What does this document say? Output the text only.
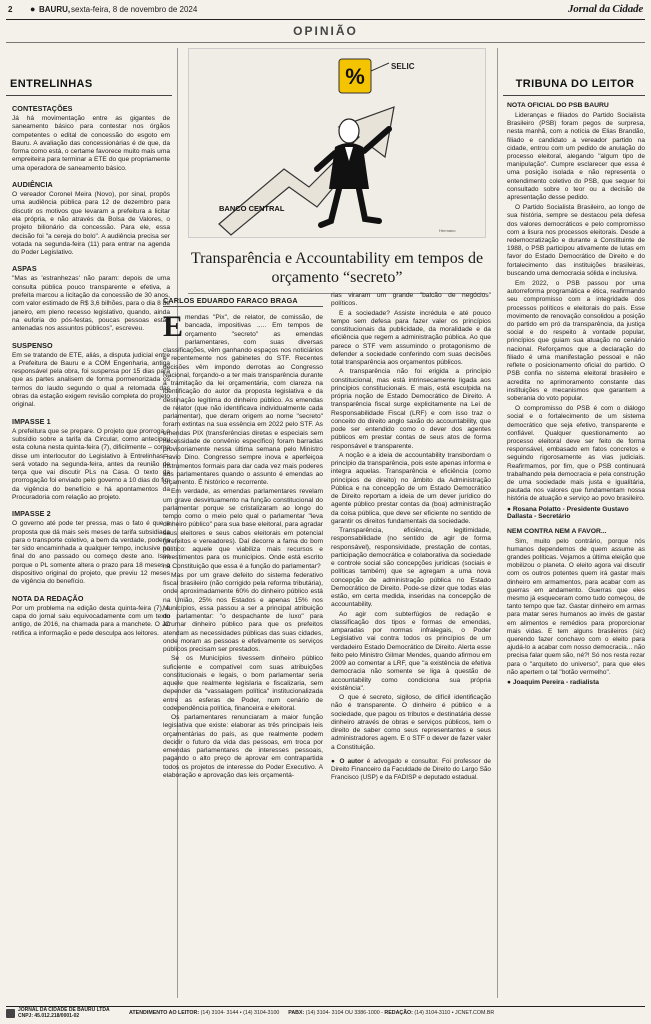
2 ● BAURU, sexta-feira, 8 de novembro de 2024	Jornal da Cidade
OPINIÃO
ENTRELINHAS
CONTESTAÇÕES

Já há movimentação entre as gigantes de saneamento básico para contestar nos órgãos competentes o edital de concessão do esgoto em Bauru. A avaliação das concessionárias é de que, da forma como está, o certame favorece muito mais uma empreiteira para terminar a ETE do que propriamente uma operadora de saneamento básico.

AUDIÊNCIA

O vereador Coronel Meira (Novo), por sinal, propôs uma audiência pública para 12 de dezembro para discutir os motivos que levaram a prefeitura a licitar ela própria, e não através da Bolsa de Valores, o projeto bilionário da concessão. Para ele, essa decisão foi "a cereja do bolo". A audiência precisa ser votada na segunda-feira (11) para entrar na agenda do Poder Legislativo.

ASPAS

"Mas as 'estranhezas' não param: depois de uma consulta pública pouco transparente e efetiva, a prefeita marcou a licitação da concessão de 30 anos, com valor estimado de R$ 3,6 bilhões, para o dia 8 de janeiro, em pleno recesso legislativo, quando, ainda na euforia do pós-festas, poucas pessoas estão antenadas nos assuntos públicos", escreveu.

SUSPENSO

Em se tratando de ETE, aliás, a disputa judicial entre a Prefeitura de Bauru e a COM Engenharia, antiga responsável pela obra, foi suspensa por 15 dias para que as partes analisem de forma pormenorizada os termos do laudo segundo o qual a retomada das obras da estação exigem revisão completa do projeto original.

IMPASSE 1

A prefeitura que se prepare. O projeto que prorroga o subsídio sobre a tarifa da Circular, como antecipou esta coluna nesta quinta-feira (7), dificilmente – como disse um interlocutor do Legislativo à Entrelinhas – será votado na segunda-feira, antes da reunião de terça que vai discutir PLs na Casa. O texto da prorrogação foi enviado pelo governo a 10 dias do fim da vigência do benefício e há apontamentos da Procuradoria com relação ao projeto.

IMPASSE 2

O governo até pode ter pressa, mas o fato é que a proposta que dá mais seis meses de tarifa subsidiada para o transporte coletivo, a bem da verdade, poderia ter sido encaminhada a qualquer tempo, inclusive no final do ano passado ou começo deste ano. Isso porque o PL somente altera o prazo para 18 meses o dispositivo original do projeto, que previu 12 meses de vigência do benefício.

NOTA DA REDAÇÃO

Por um problema na edição desta quinta-feira (7), a capa do jornal saiu equivocadamente com um texto antigo, de 2016, na chamada para a manchete. O JC retifica a informação e pede desculpa aos leitores.

%	SELIC
BANCO CENTRAL
Hermano
Transparência e Accountability em tempos de orçamento “secreto”
CARLOS EDUARDO FARACO BRAGA

Emendas "Pix", de relator, de comissão, de bancada, impositivas ..... Em tempos de orçamento "secreto" as emendas parlamentares, com suas diversas classificações, vêm ganhando espaços nos noticiários e recentemente nos gabinetes do STF. Recentes decisões vêm impondo derrotas ao Congresso Nacional, forçando-o a ter mais transparência durante a tramitação da lei orçamentária, com clareza na identificação do autor da proposta legislativa e da destinação legítima do dinheiro público. As emendas de relator (que não identificava individualmente cada parlamentar), que deram origem ao nome "secreto" foram extintas na sua essência em 2022 pelo STF. As emendas PIX (transferências diretas e especiais sem necessidade de convênio específico) foram barradas provisoriamente nessa última semana pelo Ministro Flavio Dino. Congresso sempre inova e aperfeiçoa instrumentos formais para dar cada vez mais poderes aos parlamentares quando o assunto é emendas ao orçamento. É histórico e recorrente.

Em verdade, as emendas parlamentares revelam um grave desvirtuamento na função constitucional do parlamentar porque se cristalizaram ao longo do tempo como o meio pelo qual o parlamentar "leva dinheiro público" para sua base eleitoral, para agradar seus eleitores e seus cabos eleitorais em potencial (prefeitos e vereadores). Daí decorre a fama do bom político: aquele que viabiliza mais recursos e investimentos para os municípios. Onde está escrito na Constituição que essa é a função do parlamentar?

Mas por um grave defeito do sistema federativo fiscal brasileiro (não corrigido pela reforma tributária), onde aproximadamente 60% do dinheiro público está na União, 25% nos Estados e apenas 15% nos Municípios, essa passou a ser a principal atribuição do parlamentar: "o despachante de luxo" para arrumar dinheiro público para que os prefeitos atendam as necessidades públicas das suas cidades, onde moram as pessoas e efetivamente os serviços públicos precisam ser prestados.

Se os Municípios tivessem dinheiro público suficiente e compatível com suas atribuições constitucionais e legais, o bom parlamentar seria aquele que realmente legislaria e fiscalizaria, sem depender da "vassalagem política" institucionalizada entre as esferas de Poder, num cenário de codependência política, financeira e eleitoral.

Os parlamentares renunciaram a maior função legislativa que existe: elaborar as três principais leis orçamentárias do país, as que realmente podem decidir o futuro da vida das pessoas, em troca por emendas parlamentares de interesses pessoais, pagando o alto preço de aprovar em contrapartida todos os projetos de interesse do Poder Executivo. A elaboração e aprovação das leis orçamentá-

rias viraram um grande "balcão de negócios" políticos.

E a sociedade? Assiste incrédula e até pouco tempo sem defesa para fazer valer os princípios constitucionais da publicidade, da moralidade e da eficiência que regem a administração pública. Ao que parece o STF vem assumindo o protagonismo de defender a sociedade conferindo com suas decisões total transparência aos orçamentos públicos.

A transparência não foi erigida a princípio constitucional, mas está intrinsecamente ligada aos princípios constitucionais. E mais, está esculpida na própria noção de Estado Democrático de Direito. A transparência fiscal surge explicitamente na Lei de Responsabilidade Fiscal (LRF) e com isso traz o conceito do direito anglo saxão do accountability, que pode ser entendido como o dever dos agentes públicos em prestar contas de seus atos de forma responsável e transparente.

A noção e a ideia de accountability transbordam o princípio da transparência, pois este apenas informa e integra aquelas. Transparência e eficiência (como princípios de direito) no âmbito da Administração Pública e na concepção de um Estado Democrático de Direito reportam a ideia de um dever jurídico do agente público prestar contas da (boa) administração da coisa pública, que deve ser eficiente no sentido de garantir os direitos fundamentais da sociedade.

Transparência, eficiência, legitimidade, responsabilidade (no sentido de agir de forma responsável), responsividade, prestação de contas, participação democrática e colaborativa da sociedade e controle social são concepções jurídicas (sociais e políticas também) que se agregam a uma nova concepção de administração pública no Estado Democrático de Direito. Pode-se dizer que todas elas estão, em certa medida, inseridas na concepção de accountability.

Ao agir com subterfúgios de redação e classificação dos tipos e formas de emendas, amparadas por normas infralegais, o Poder Legislativo vai contra todos os princípios de um verdadeiro Estado Democrático de Direito. Alerta esse feito pelo Ministro Gilmar Mendes, quando afirmou em 2009 ao comentar a LRF, que "a existência de efetiva democracia não somente se liga à questão de accountability como condiciona sua própria existência".

O que é secreto, sigiloso, de difícil identificação não é transparente. O dinheiro é público e a sociedade, que pagou os tributos e destinatária desse dinheiro através de obras e serviços públicos, tem o direito de saber como seus representantes e seus administradores agem. E o STF o dever de fazer valer a Constituição.

● O autor é advogado e consultor. Foi professor de Direito Financeiro da Faculdade de Direito do Largo São Francisco (USP) e da FADISP e deputado estadual.
TRIBUNA DO LEITOR
NOTA OFICIAL DO PSB BAURU

Lideranças e filiados do Partido Socialista Brasileiro (PSB) foram pegos de surpresa, nesta manhã, com a notícia de Elias Brandão, filiado e candidato a vereador partido na cidade, entrou com um pedido de anulação do processo eleitoral, alegando "algum tipo de manipulação". Cumpre esclarecer que essa é uma posição isolada e não representa o entendimento coletivo do PSB, que sequer foi consultado sobre o teor ou a decisão de apresentação desse pedido.

O Partido Socialista Brasileiro, ao longo de sua história, sempre se destacou pela defesa dos valores democráticos e pelo compromisso com a lisura nos processos eleitorais. Desde a redemocratização e durante a Constituinte de 1988, o PSB participou ativamente de lutas em favor do Estado Democrático de Direito e do fortalecimento das instituições brasileiras, buscando uma democracia sólida e inclusiva.

Em 2022, o PSB passou por uma autorreforma programática e ética, reafirmando seu compromisso com a integridade dos processos políticos e eleitorais do país. Esse movimento de renovação consolidou a posição do partido em pró da transparência, da justiça social e do respeito à vontade popular, princípios que guiam sua atuação no cenário nacional. Reforçamos que a declaração do filiado é uma manifestação pessoal e não reflete o posicionamento oficial do partido. O PSB confia no sistema eleitoral brasileiro e acredita no aprimoramento constante das instituições e mecanismos que garantem a soberania do voto popular.

O compromisso do PSB é com o diálogo social e o fortalecimento de um sistema democrático que seja efetivo, transparente e confiável. Qualquer questionamento ao processo eleitoral deve ser feito de forma responsável, embasado em fatos concretos e seguindo rigorosamente as vias judiciais. Reafirmamos, por fim, que o PSB continuará trabalhando pela democracia e pela construção de uma sociedade mais justa e igualitária, pautada nos valores que fundamentam nossa história de atuação e serviço ao povo brasileiro.

● Rosana Polatto - Presidente Gustavo Dallasta - Secretário
NEM CONTRA NEM A FAVOR...

Sim, muito pelo contrário, porque nós humanos dependemos de quem assume as grandes políticas. Vejamos a última eleição que mobilizou o planeta. O eleito agora vai discutir com os outros potentes quem irá gastar mais dinheiro em armamentos, para acabar com as guerras em andamento. Guerras que eles mesmo já esqueceram como tudo começou, de tanto tempo que faz. Gastar dinheiro em armas para matar seres humanos ao invés de gastar em alimentos e remédios para proporcionar mais vidas. E tem alguns brasileiros (sic) querendo fazer conchavo com o eleito para ajudá-lo a acabar com nosso democracia... não precisa falar quem são, né?! Só nos resta rezar para o "arquiteto do universo", para que eles não apertem o tal "botão vermelho".

● Joaquim Pereira - radialista
JORNAL DA CIDADE DE BAURU LTDA
CNPJ: 45.012.218/0001-02	ATENDIMENTO AO LEITOR: (14) 3104- 3144 • (14) 3104-3100 PABX: (14) 3104- 3104 OU 3386-1000 - REDAÇÃO: (14) 3104-3110 • JCNET.COM.BR
